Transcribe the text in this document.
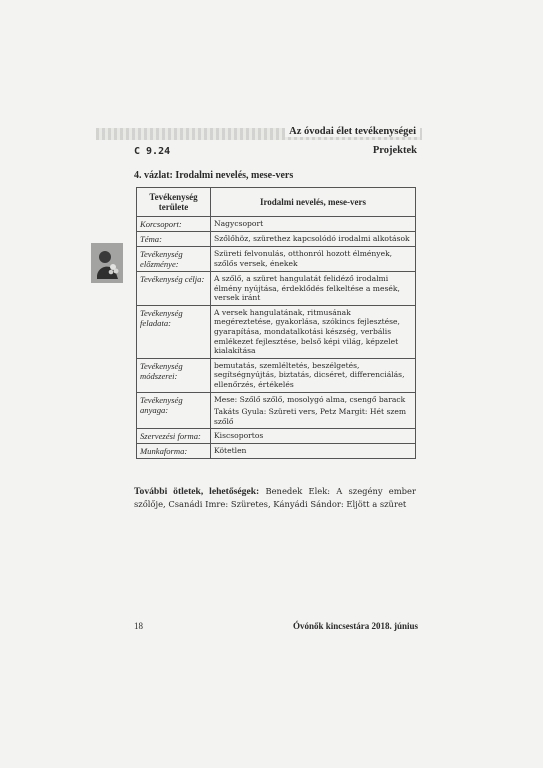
Az óvodai élet tevékenységei
C 9.24	Projektek
4. vázlat: Irodalmi nevelés, mese-vers
Tevékenység területe	Irodalmi nevelés, mese-vers
Korcsoport:	Nagycsoport

Téma:	Szőlőhöz, szürethez kapcsolódó irodalmi alkotások

Tevékenység előzménye:	Szüreti felvonulás, otthonról hozott élmények, szőlős versek, énekek

Tevékenység célja:	A szőlő, a szüret hangulatát felidéző irodalmi élmény nyújtása, érdeklődés felkeltése a mesék, versek iránt

Tevékenység feladata:	A versek hangulatának, ritmusának megéreztetése, gyakorlása, szókincs fejlesztése, gyarapítása, mondatalkotási készség, verbális emlékezet fejlesztése, belső képi világ, képzelet kialakítása

Tevékenység módszerei:	bemutatás, szemléltetés, beszélgetés, segítségnyújtás, biztatás, dicséret, differenciálás, ellenőrzés, értékelés

Tevékenység anyaga:	Mese: Szőlő szőlő, mosolygó alma, csengő barack

Takáts Gyula: Szüreti vers, Petz Margit: Hét szem szőlő

Szervezési forma:	Kiscsoportos

Munkaforma:	Kötetlen

További ötletek, lehetőségek: Benedek Elek: A szegény ember szőlője, Csanádi Imre: Szüretes, Kányádi Sándor: Eljött a szüret
18	Óvónők kincsestára 2018. június
